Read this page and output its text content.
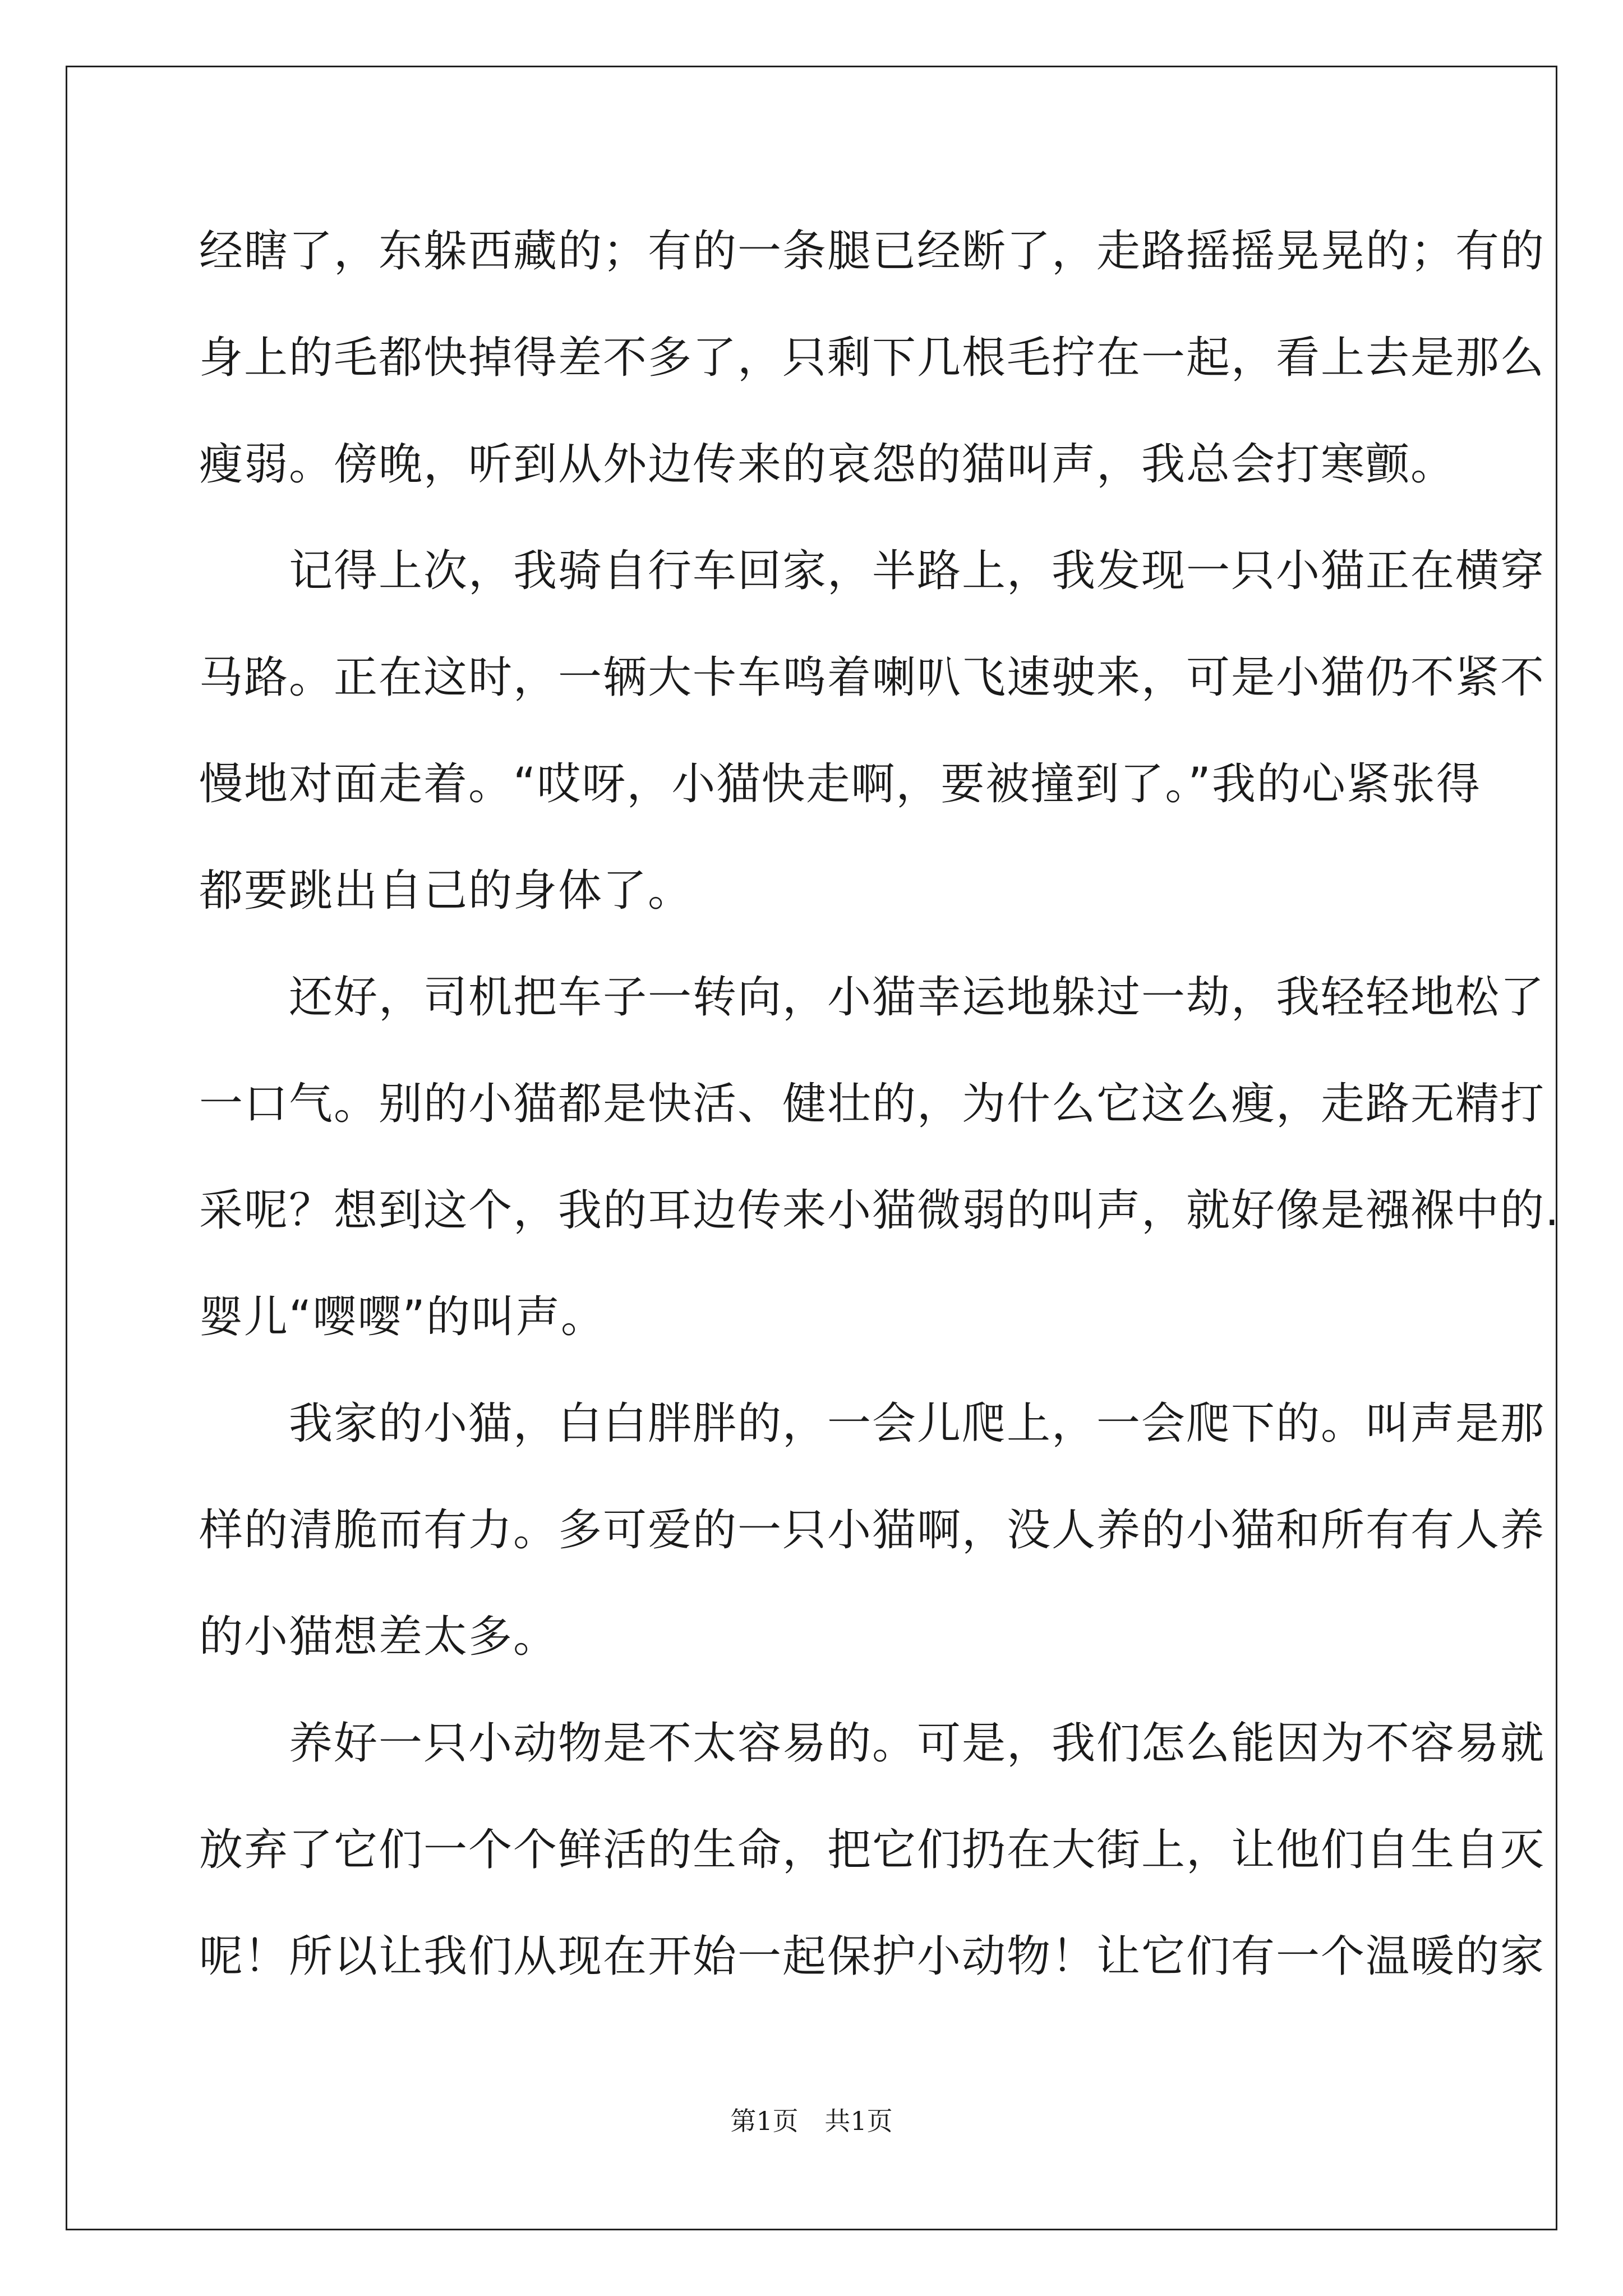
经瞎了，东躲西藏的；有的一条腿已经断了，走路摇摇晃晃的；有的
身上的毛都快掉得差不多了，只剩下几根毛拧在一起，看上去是那么
瘦弱。傍晚，听到从外边传来的哀怨的猫叫声，我总会打寒颤。
　　记得上次，我骑自行车回家，半路上，我发现一只小猫正在横穿
马路。正在这时，一辆大卡车鸣着喇叭飞速驶来，可是小猫仍不紧不
慢地对面走着。“哎呀，小猫快走啊，要被撞到了。”我的心紧张得
都要跳出自己的身体了。
　　还好，司机把车子一转向，小猫幸运地躲过一劫，我轻轻地松了
一口气。别的小猫都是快活、健壮的，为什么它这么瘦，走路无精打
采呢？想到这个，我的耳边传来小猫微弱的叫声，就好像是襁褓中的.
婴儿“嘤嘤”的叫声。
　　我家的小猫，白白胖胖的，一会儿爬上，一会爬下的。叫声是那
样的清脆而有力。多可爱的一只小猫啊，没人养的小猫和所有有人养
的小猫想差太多。
　　养好一只小动物是不太容易的。可是，我们怎么能因为不容易就
放弃了它们一个个鲜活的生命，把它们扔在大街上，让他们自生自灭
呢！所以让我们从现在开始一起保护小动物！让它们有一个温暖的家
第1页 共1页
